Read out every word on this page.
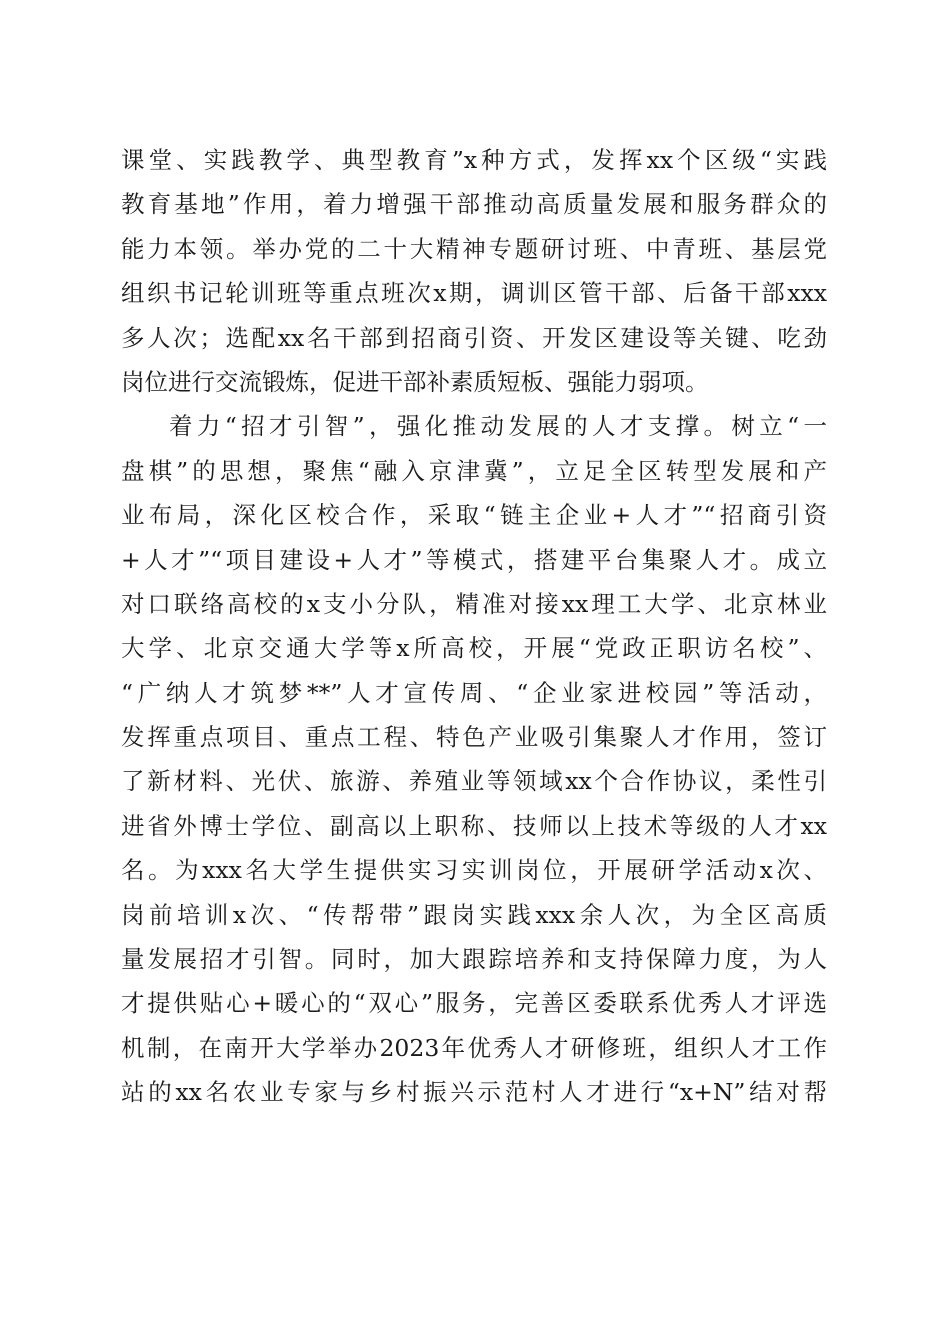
课堂、实践教学、典型教育”x种方式，发挥xx个区级“实践
教育基地”作用，着力增强干部推动高质量发展和服务群众的
能力本领。举办党的二十大精神专题研讨班、中青班、基层党
组织书记轮训班等重点班次x期，调训区管干部、后备干部xxx
多人次；选配xx名干部到招商引资、开发区建设等关键、吃劲
岗位进行交流锻炼，促进干部补素质短板、强能力弱项。
着力“招才引智”，强化推动发展的人才支撑。树立“一
盘棋”的思想，聚焦“融入京津冀”，立足全区转型发展和产
业布局，深化区校合作，采取“链主企业+人才”“招商引资
+人才”“项目建设+人才”等模式，搭建平台集聚人才。成立
对口联络高校的x支小分队，精准对接xx理工大学、北京林业
大学、北京交通大学等x所高校，开展“党政正职访名校”、
“广纳人才筑梦**”人才宣传周、“企业家进校园”等活动，
发挥重点项目、重点工程、特色产业吸引集聚人才作用，签订
了新材料、光伏、旅游、养殖业等领域xx个合作协议，柔性引
进省外博士学位、副高以上职称、技师以上技术等级的人才xx
名。为xxx名大学生提供实习实训岗位，开展研学活动x次、
岗前培训x次、“传帮带”跟岗实践xxx余人次，为全区高质
量发展招才引智。同时，加大跟踪培养和支持保障力度，为人
才提供贴心+暖心的“双心”服务，完善区委联系优秀人才评选
机制，在南开大学举办2023年优秀人才研修班，组织人才工作
站的xx名农业专家与乡村振兴示范村人才进行“x+N”结对帮
